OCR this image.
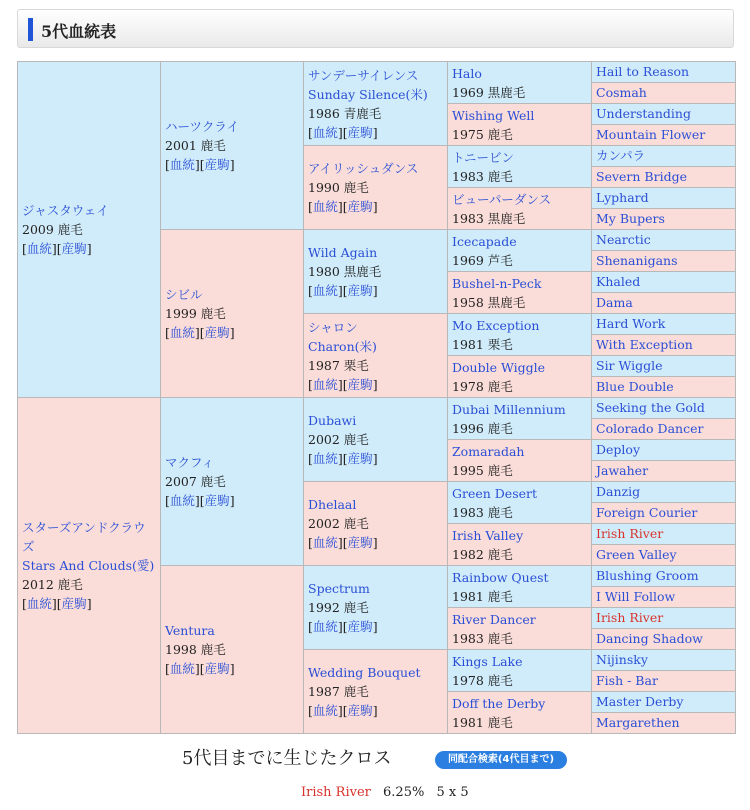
5代血統表
ジャスタウェイ
2009 鹿毛
[血統][産駒]	ハーツクライ
2001 鹿毛
[血統][産駒]	サンデーサイレンス
Sunday Silence(米)
1986 青鹿毛
[血統][産駒]	Halo
1969 黒鹿毛	Hail to Reason

				Cosmah

			Wishing Well
1975 鹿毛	Understanding

				Mountain Flower

		アイリッシュダンス
1990 鹿毛
[血統][産駒]	トニービン
1983 鹿毛	カンパラ

				Severn Bridge

			ビューパーダンス
1983 黒鹿毛	Lyphard

				My Bupers

	シビル
1999 鹿毛
[血統][産駒]	Wild Again
1980 黒鹿毛
[血統][産駒]	Icecapade
1969 芦毛	Nearctic

				Shenanigans

			Bushel-n-Peck
1958 黒鹿毛	Khaled

				Dama

		シャロン
Charon(米)
1987 栗毛
[血統][産駒]	Mo Exception
1981 栗毛	Hard Work

				With Exception

			Double Wiggle
1978 鹿毛	Sir Wiggle

				Blue Double

スターズアンドクラウズ
Stars And Clouds(愛)
2012 鹿毛
[血統][産駒]	マクフィ
2007 鹿毛
[血統][産駒]	Dubawi
2002 鹿毛
[血統][産駒]	Dubai Millennium
1996 鹿毛	Seeking the Gold

				Colorado Dancer

			Zomaradah
1995 鹿毛	Deploy

				Jawaher

		Dhelaal
2002 鹿毛
[血統][産駒]	Green Desert
1983 鹿毛	Danzig

				Foreign Courier

			Irish Valley
1982 鹿毛	Irish River

				Green Valley

	Ventura
1998 鹿毛
[血統][産駒]	Spectrum
1992 鹿毛
[血統][産駒]	Rainbow Quest
1981 鹿毛	Blushing Groom

				I Will Follow

			River Dancer
1983 鹿毛	Irish River

				Dancing Shadow

		Wedding Bouquet
1987 鹿毛
[血統][産駒]	Kings Lake
1978 鹿毛	Nijinsky

				Fish - Bar

			Doff the Derby
1981 鹿毛	Master Derby

				Margarethen
5代目までに生じたクロス	同配合検索(4代目まで)
Irish River 6.25% 5 x 5
